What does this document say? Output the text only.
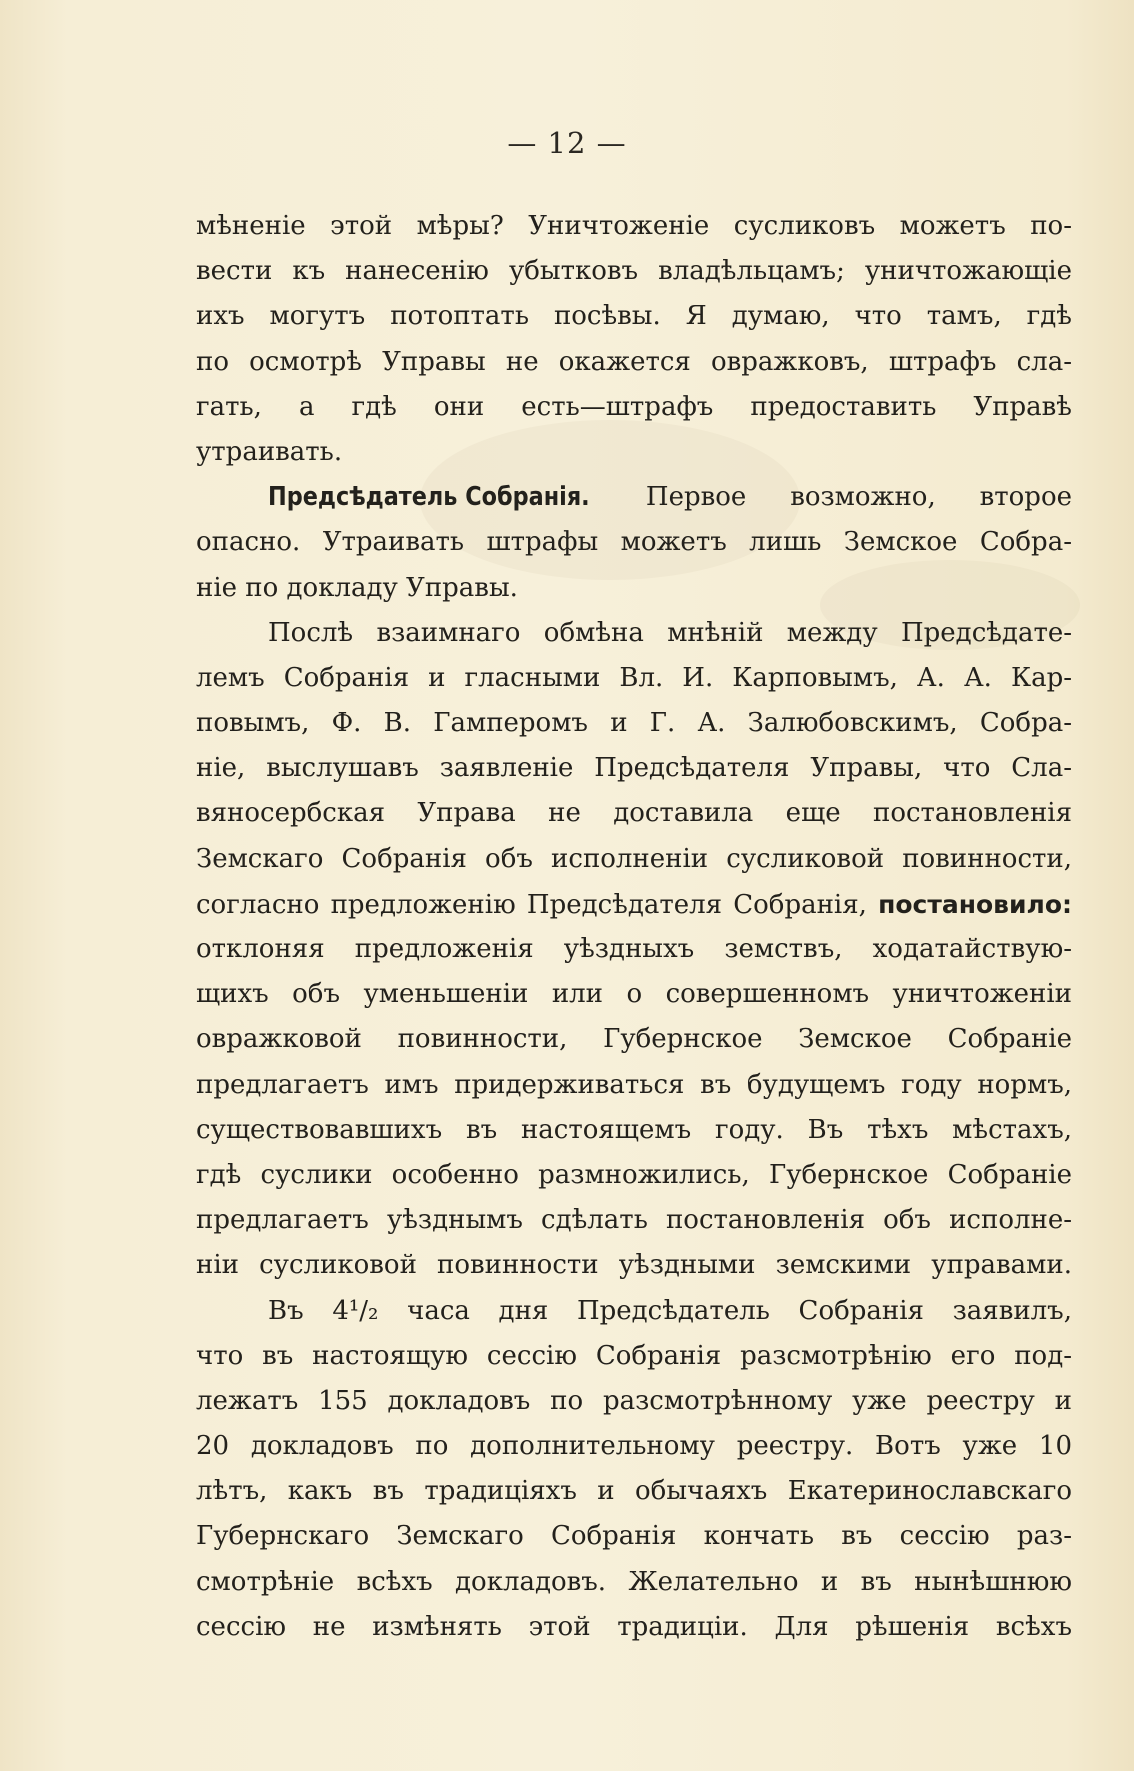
— 12 —
мѣненіе этой мѣры? Уничтоженіе сусликовъ можетъ по-
вести къ нанесенію убытковъ владѣльцамъ; уничтожающіе
ихъ могутъ потоптать посѣвы. Я думаю, что тамъ, гдѣ
по осмотрѣ Управы не окажется овражковъ, штрафъ сла-
гать, а гдѣ они есть—штрафъ предоставить Управѣ
утраивать.
Предсѣдатель Собранія. Первое возможно, второе
опасно. Утраивать штрафы можетъ лишь Земское Собра-
ніе по докладу Управы.
Послѣ взаимнаго обмѣна мнѣній между Предсѣдате-
лемъ Собранія и гласными Вл. И. Карповымъ, А. А. Кар-
повымъ, Ф. В. Гамперомъ и Г. А. Залюбовскимъ, Собра-
ніе, выслушавъ заявленіе Предсѣдателя Управы, что Сла-
вяносербская Управа не доставила еще постановленія
Земскаго Собранія объ исполненіи сусликовой повинности,
согласно предложенію Предсѣдателя Собранія, постановило:
отклоняя предложенія уѣздныхъ земствъ, ходатайствую-
щихъ объ уменьшеніи или о совершенномъ уничтоженіи
овражковой повинности, Губернское Земское Собраніе
предлагаетъ имъ придерживаться въ будущемъ году нормъ,
существовавшихъ въ настоящемъ году. Въ тѣхъ мѣстахъ,
гдѣ суслики особенно размножились, Губернское Собраніе
предлагаетъ уѣзднымъ сдѣлать постановленія объ исполне-
ніи сусликовой повинности уѣздными земскими управами.
Въ 4¹/₂ часа дня Предсѣдатель Собранія заявилъ,
что въ настоящую сессію Собранія разсмотрѣнію его под-
лежатъ 155 докладовъ по разсмотрѣнному уже реестру и
20 докладовъ по дополнительному реестру. Вотъ уже 10
лѣтъ, какъ въ традиціяхъ и обычаяхъ Екатеринославскаго
Губернскаго Земскаго Собранія кончать въ сессію раз-
смотрѣніе всѣхъ докладовъ. Желательно и въ нынѣшнюю
сессію не измѣнять этой традиціи. Для рѣшенія всѣхъ
